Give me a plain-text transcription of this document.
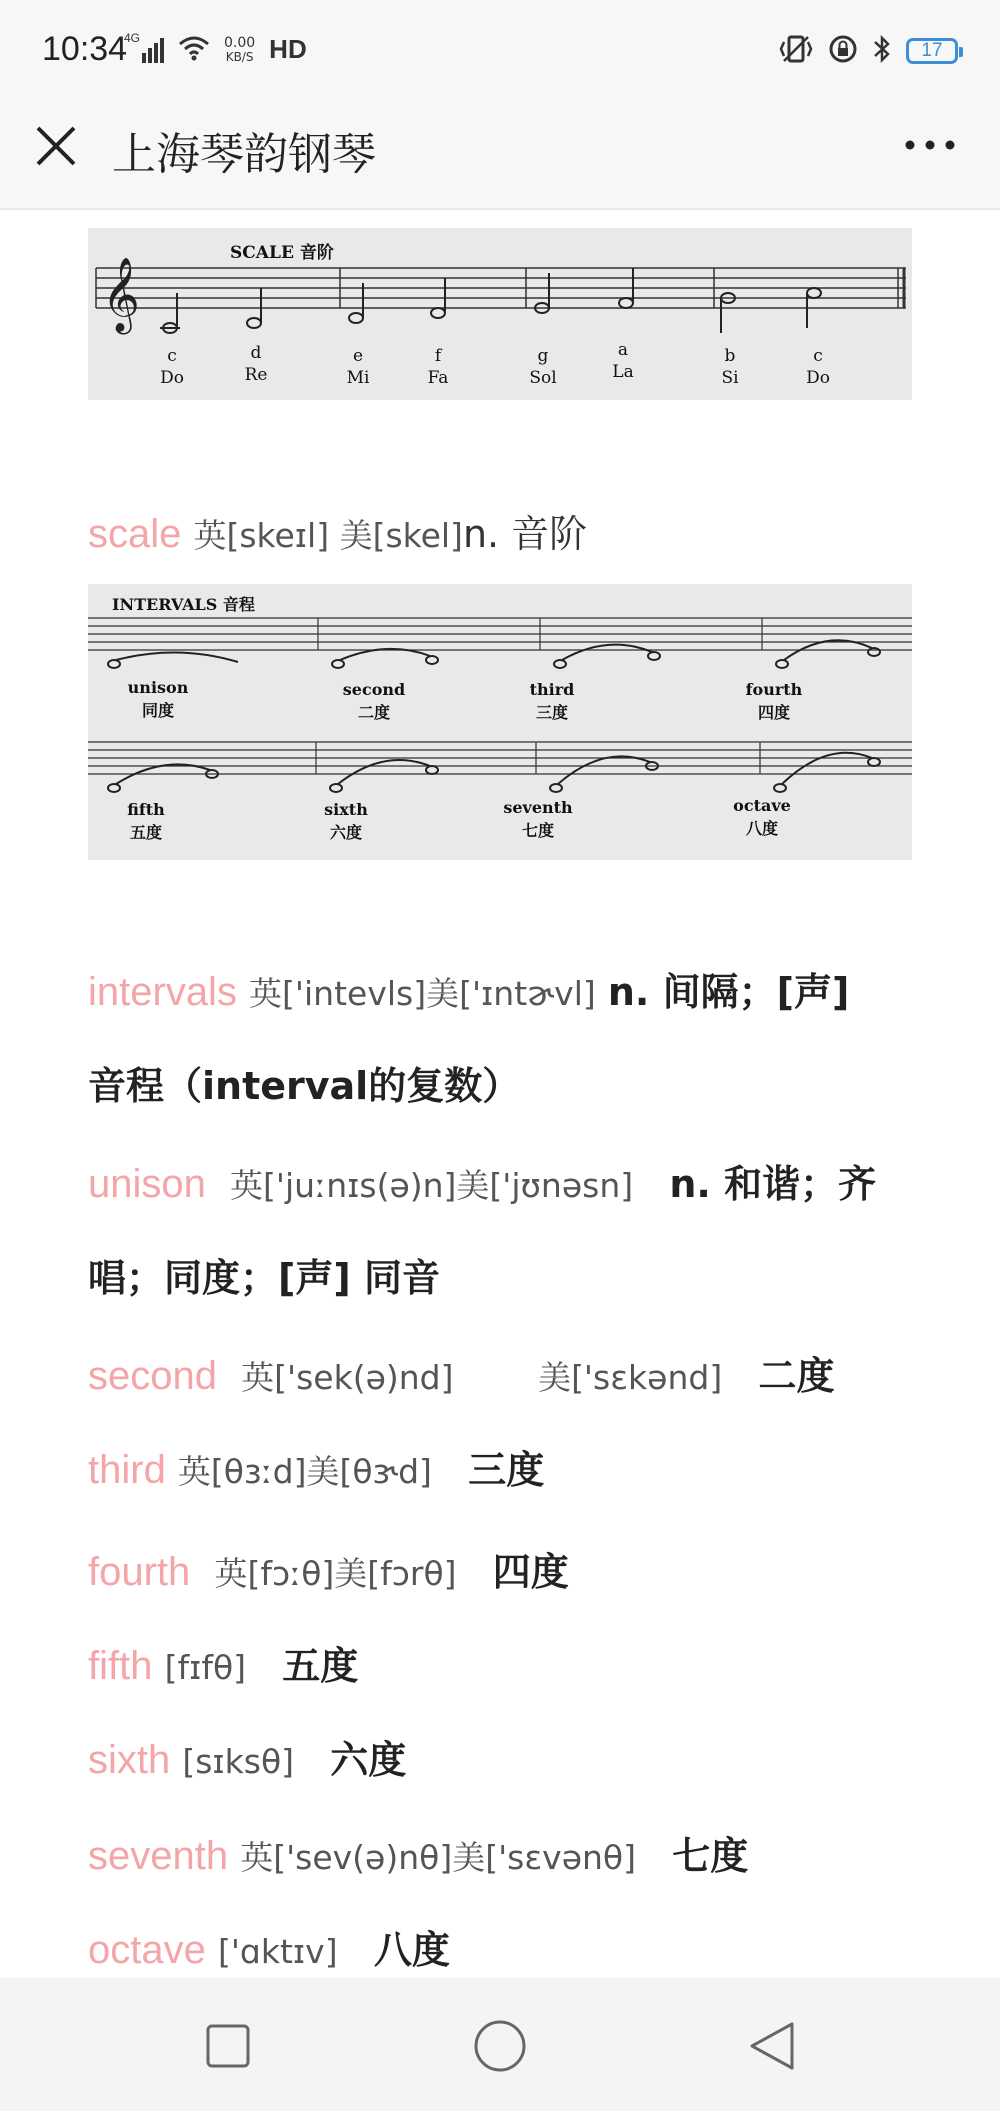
10:34
4G	0.00
KB/S HD	17
上海琴韵钢琴
SCALE 音阶
𝄞
c
Do
d
Re
e
Mi
f
Fa
g
Sol
a
La
b
Si
c
Do
scale 英[skeɪl] 美[skel]n. 音阶
INTERVALS 音程
unison
同度
second
二度
third
三度
fourth
四度
fifth
五度
sixth
六度
seventh
七度
octave
八度
intervals 英['intevls]美['ɪntɚvl] n. 间隔；[声]
音程（interval的复数）
unison 英['juːnɪs(ə)n]美['jʊnəsn] n. 和谐；齐
唱；同度；[声] 同音
second 英['sek(ə)nd]	美['sɛkənd] 二度
third 英[θɜːd]美[θɝd] 三度
fourth 英[fɔːθ]美[fɔrθ] 四度
fifth [fɪfθ] 五度
sixth [sɪksθ] 六度
seventh 英['sev(ə)nθ]美['sɛvənθ] 七度
octave ['ɑktɪv] 八度
